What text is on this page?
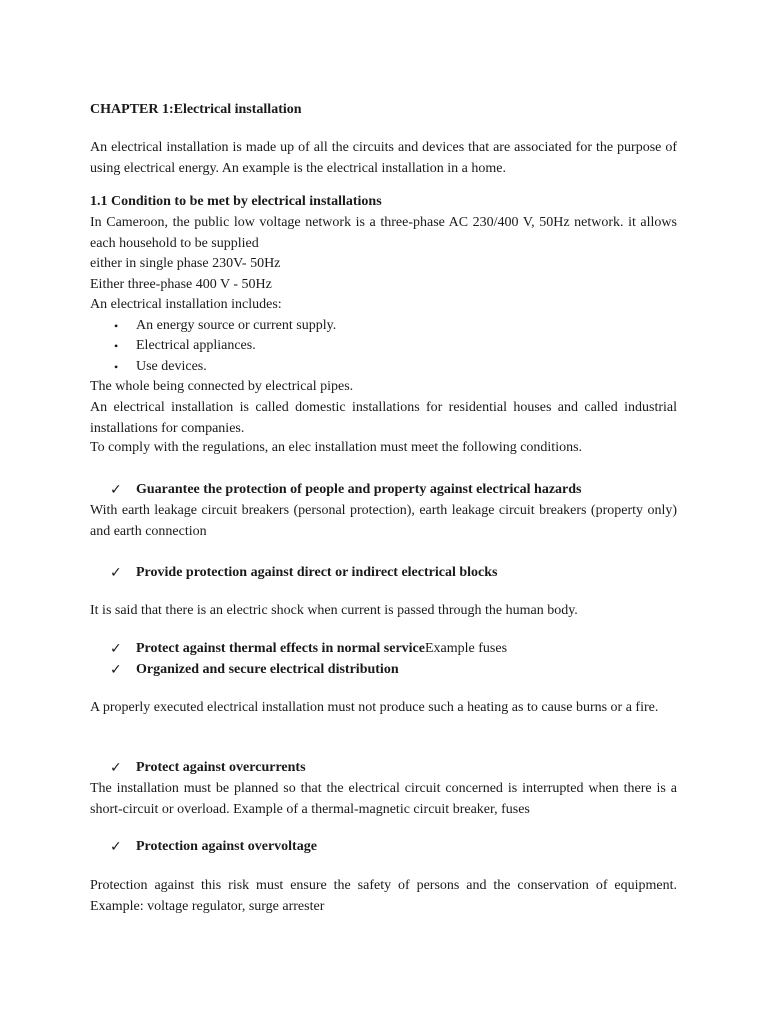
CHAPTER 1:Electrical installation
An electrical installation is made up of all the circuits and devices that are associated for the purpose of using electrical energy. An example is the electrical installation in a home.
1.1 Condition to be met by electrical installations
In Cameroon, the public low voltage network is a three-phase AC 230/400 V, 50Hz network. it allows each household to be supplied
either in single phase 230V- 50Hz
Either three-phase 400 V - 50Hz
An electrical installation includes:
• An energy source or current supply.
• Electrical appliances.
• Use devices.
The whole being connected by electrical pipes.
An electrical installation is called domestic installations for residential houses and called industrial installations for companies.
To comply with the regulations, an elec installation must meet the following conditions.
✓ Guarantee the protection of people and property against electrical hazards
With earth leakage circuit breakers (personal protection), earth leakage circuit breakers (property only) and earth connection
✓ Provide protection against direct or indirect electrical blocks
It is said that there is an electric shock when current is passed through the human body.
✓ Protect against thermal effects in normal serviceExample fuses
✓ Organized and secure electrical distribution
A properly executed electrical installation must not produce such a heating as to cause burns or a fire.
✓ Protect against overcurrents
The installation must be planned so that the electrical circuit concerned is interrupted when there is a short-circuit or overload. Example of a thermal-magnetic circuit breaker, fuses
✓ Protection against overvoltage
Protection against this risk must ensure the safety of persons and the conservation of equipment. Example: voltage regulator, surge arrester
